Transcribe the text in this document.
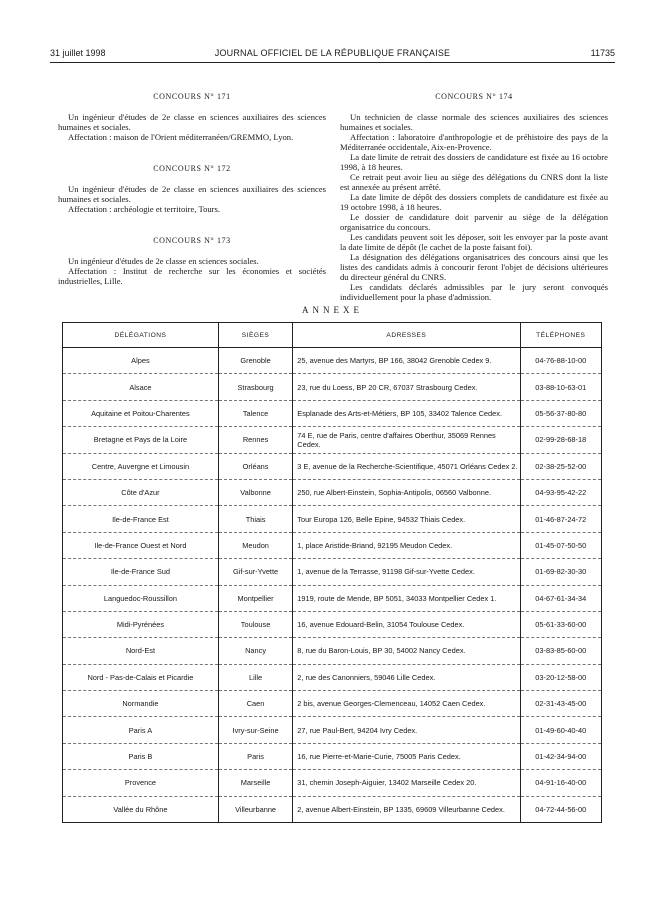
31 juillet 1998	JOURNAL OFFICIEL DE LA RÉPUBLIQUE FRANÇAISE	11735
CONCOURS N° 171

Un ingénieur d'études de 2e classe en sciences auxiliaires des sciences humaines et sociales.

Affectation : maison de l'Orient méditerranéen/GREMMO, Lyon.

CONCOURS N° 172

Un ingénieur d'études de 2e classe en sciences auxiliaires des sciences humaines et sociales.

Affectation : archéologie et territoire, Tours.

CONCOURS N° 173

Un ingénieur d'études de 2e classe en sciences sociales.

Affectation : Institut de recherche sur les économies et sociétés industrielles, Lille.

CONCOURS N° 174

Un technicien de classe normale des sciences auxiliaires des sciences humaines et sociales.

Affectation : laboratoire d'anthropologie et de préhistoire des pays de la Méditerranée occidentale, Aix-en-Provence.

La date limite de retrait des dossiers de candidature est fixée au 16 octobre 1998, à 18 heures.

Ce retrait peut avoir lieu au siège des délégations du CNRS dont la liste est annexée au présent arrêté.

La date limite de dépôt des dossiers complets de candidature est fixée au 19 octobre 1998, à 18 heures.

Le dossier de candidature doit parvenir au siège de la délégation organisatrice du concours.

Les candidats peuvent soit les déposer, soit les envoyer par la poste avant la date limite de dépôt (le cachet de la poste faisant foi).

La désignation des délégations organisatrices des concours ainsi que les listes des candidats admis à concourir feront l'objet de décisions ultérieures du directeur général du CNRS.

Les candidats déclarés admissibles par le jury seront convoqués individuellement pour la phase d'admission.

ANNEXE
DÉLÉGATIONS	SIÈGES	ADRESSES	TÉLÉPHONES
Alpes	Grenoble	25, avenue des Martyrs, BP 166, 38042 Grenoble Cedex 9.	04-76-88-10-00
Alsace	Strasbourg	23, rue du Loess, BP 20 CR, 67037 Strasbourg Cedex.	03-88-10-63-01
Aquitaine et Poitou-Charentes	Talence	Esplanade des Arts-et-Métiers, BP 105, 33402 Talence Cedex.	05-56-37-80-80
Bretagne et Pays de la Loire	Rennes	74 E, rue de Paris, centre d'affaires Oberthur, 35069 Rennes Cedex.	02-99-28-68-18
Centre, Auvergne et Limousin	Orléans	3 E, avenue de la Recherche-Scientifique, 45071 Orléans Cedex 2.	02-38-25-52-00
Côte d'Azur	Valbonne	250, rue Albert-Einstein, Sophia-Antipolis, 06560 Valbonne.	04-93-95-42-22
Ile-de-France Est	Thiais	Tour Europa 126, Belle Epine, 94532 Thiais Cedex.	01-46-87-24-72
Ile-de-France Ouest et Nord	Meudon	1, place Aristide-Briand, 92195 Meudon Cedex.	01-45-07-50-50
Ile-de-France Sud	Gif-sur-Yvette	1, avenue de la Terrasse, 91198 Gif-sur-Yvette Cedex.	01-69-82-30-30
Languedoc-Roussillon	Montpellier	1919, route de Mende, BP 5051, 34033 Montpellier Cedex 1.	04-67-61-34-34
Midi-Pyrénées	Toulouse	16, avenue Edouard-Belin, 31054 Toulouse Cedex.	05-61-33-60-00
Nord-Est	Nancy	8, rue du Baron-Louis, BP 30, 54002 Nancy Cedex.	03-83-85-60-00
Nord - Pas-de-Calais et Picardie	Lille	2, rue des Canonniers, 59046 Lille Cedex.	03-20-12-58-00
Normandie	Caen	2 bis, avenue Georges-Clemenceau, 14052 Caen Cedex.	02-31-43-45-00
Paris A	Ivry-sur-Seine	27, rue Paul-Bert, 94204 Ivry Cedex.	01-49-60-40-40
Paris B	Paris	16, rue Pierre-et-Marie-Curie, 75005 Paris Cedex.	01-42-34-94-00
Provence	Marseille	31, chemin Joseph-Aiguier, 13402 Marseille Cedex 20.	04-91-16-40-00
Vallée du Rhône	Villeurbanne	2, avenue Albert-Einstein, BP 1335, 69609 Villeurbanne Cedex.	04-72-44-56-00
